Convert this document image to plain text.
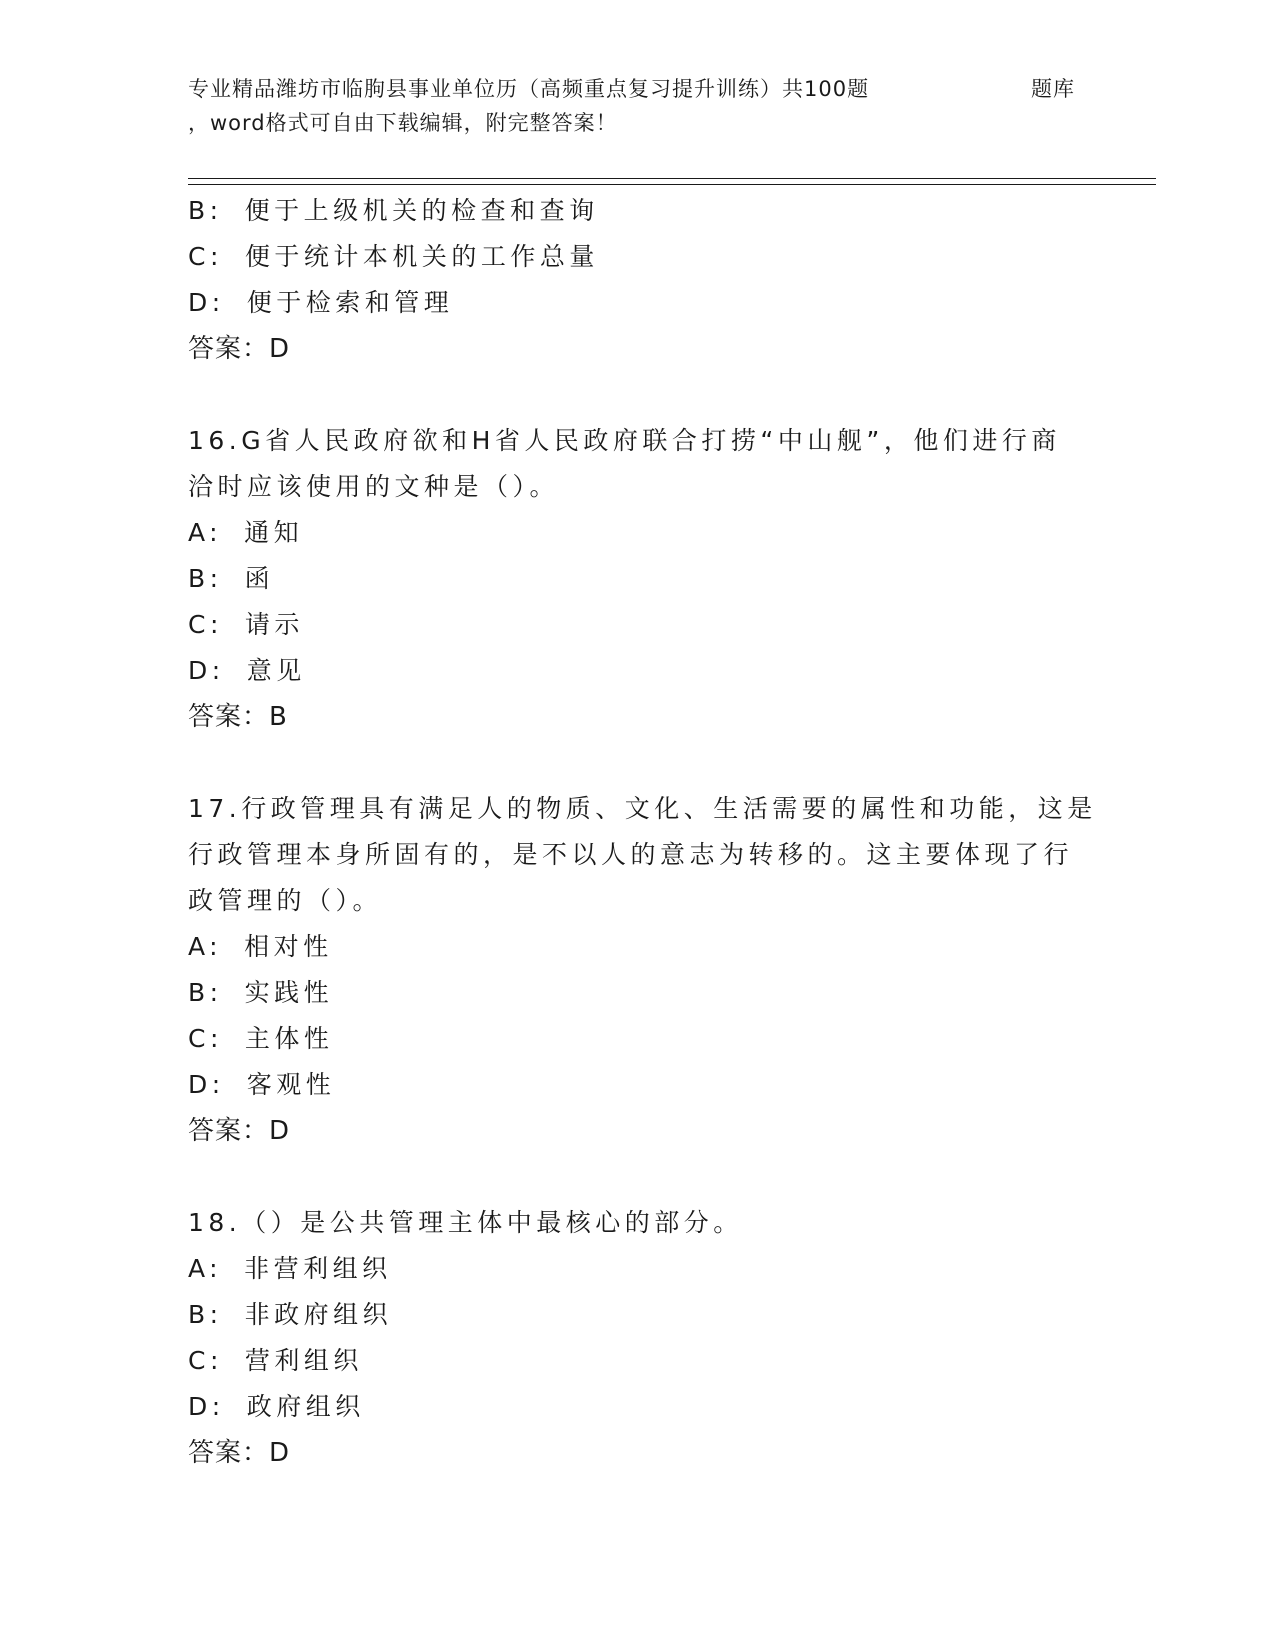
专业精品潍坊市临朐县事业单位历（高频重点复习提升训练）共100题	题库
，word格式可自由下载编辑，附完整答案！
B: 便于上级机关的检查和查询
C: 便于统计本机关的工作总量
D: 便于检索和管理
答案：D
16.G省人民政府欲和H省人民政府联合打捞“中山舰”，他们进行商
洽时应该使用的文种是（）。
A: 通知
B: 函
C: 请示
D: 意见
答案：B
17.行政管理具有满足人的物质、文化、生活需要的属性和功能，这是
行政管理本身所固有的，是不以人的意志为转移的。这主要体现了行
政管理的（）。
A: 相对性
B: 实践性
C: 主体性
D: 客观性
答案：D
18.（）是公共管理主体中最核心的部分。
A: 非营利组织
B: 非政府组织
C: 营利组织
D: 政府组织
答案：D
